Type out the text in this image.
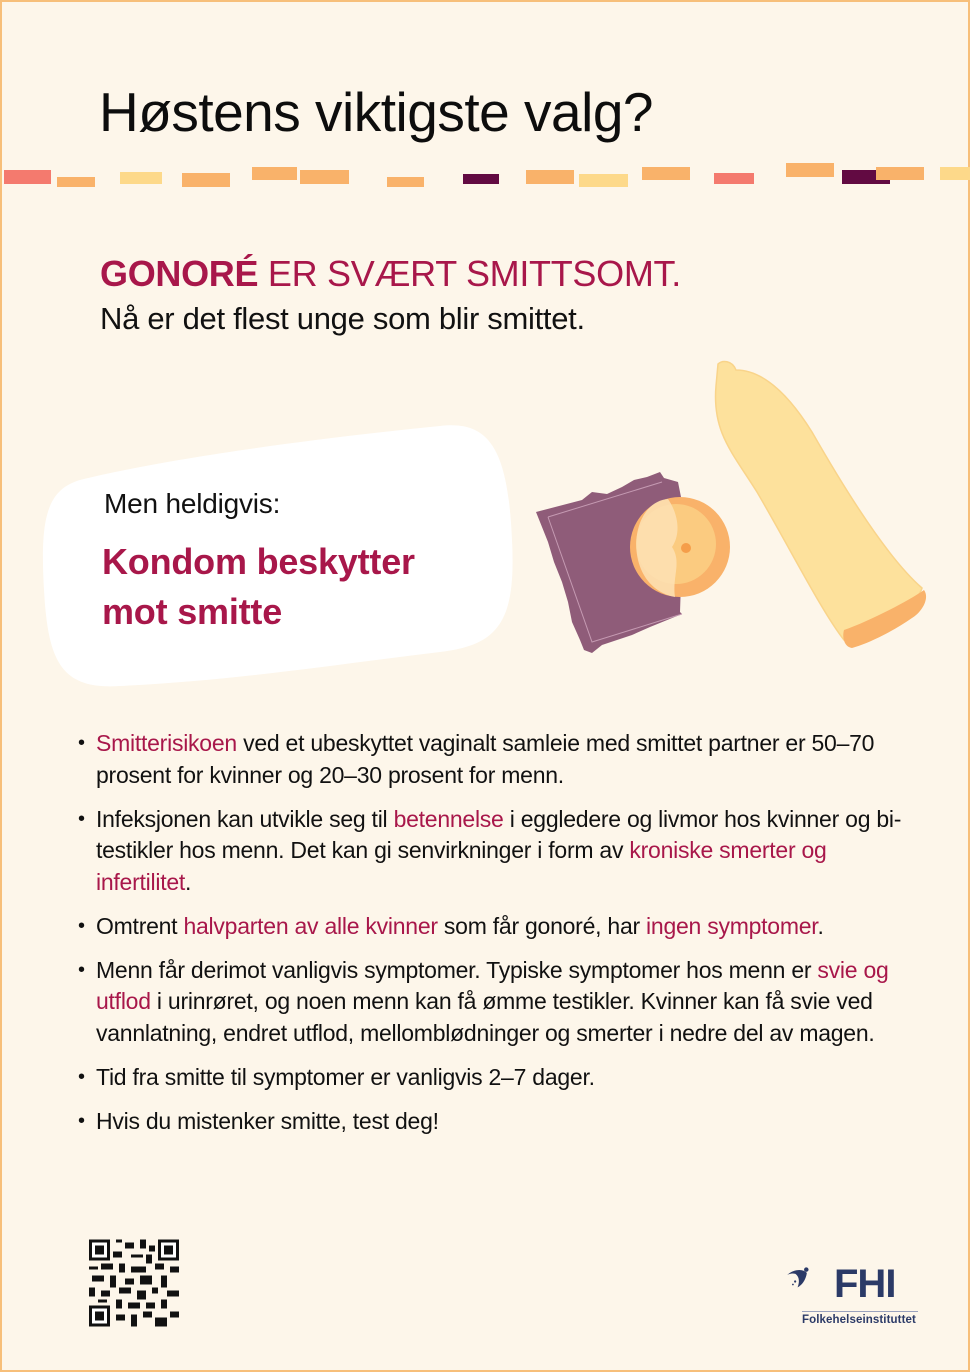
Høstens viktigste valg?
GONORÉ ER SVÆRT SMITTSOMT.
Nå er det flest unge som blir smittet.
Men heldigvis:
Kondom beskytter mot smitte
• Smitterisikoen ved et ubeskyttet vaginalt samleie med smittet partner er 50–70 prosent for kvinner og 20–30 prosent for menn.
• Infeksjonen kan utvikle seg til betennelse i eggledere og livmor hos kvinner og bi-testikler hos menn. Det kan gi senvirkninger i form av kroniske smerter og infertilitet.
• Omtrent halvparten av alle kvinner som får gonoré, har ingen symptomer.
• Menn får derimot vanligvis symptomer. Typiske symptomer hos menn er svie og utflod i urinrøret, og noen menn kan få ømme testikler. Kvinner kan få svie ved vannlatning, endret utflod, mellomblødninger og smerter i nedre del av magen.
• Tid fra smitte til symptomer er vanligvis 2–7 dager.
• Hvis du mistenker smitte, test deg!
FHI
Folkehelseinstituttet
